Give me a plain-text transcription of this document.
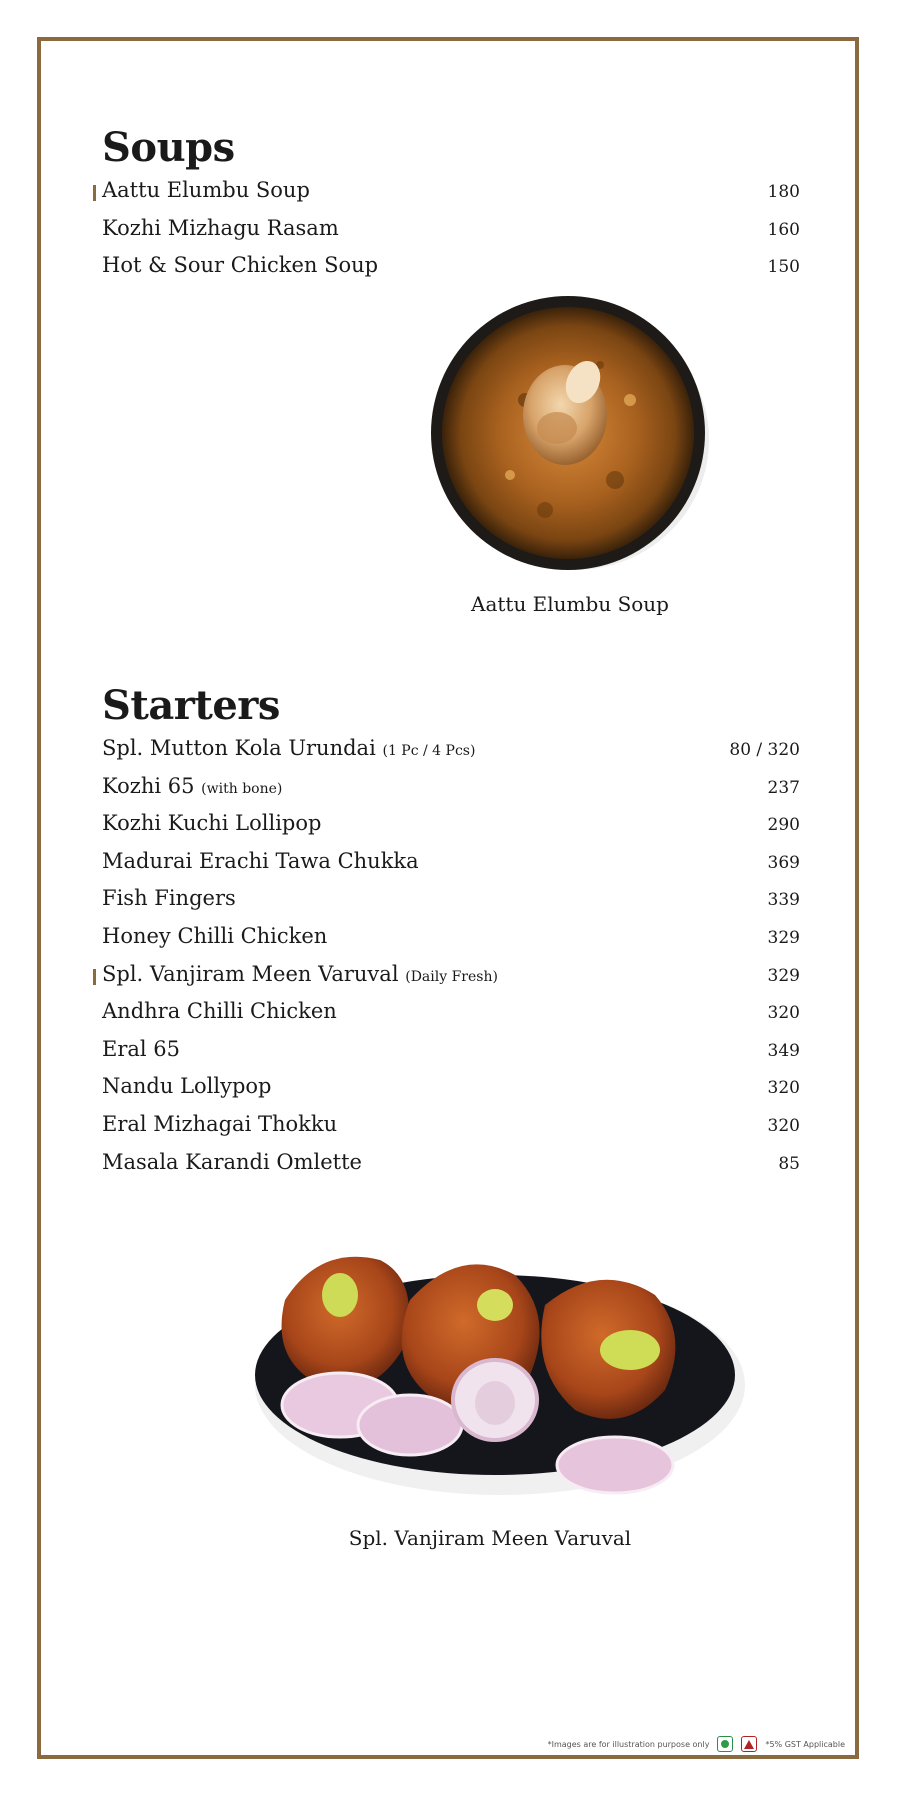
Soups
Aattu Elumbu Soup	180
Kozhi Mizhagu Rasam	160
Hot & Sour Chicken Soup	150
Aattu Elumbu Soup
Starters
Spl. Mutton Kola Urundai (1 Pc / 4 Pcs)	80 / 320
Kozhi 65 (with bone)	237
Kozhi Kuchi Lollipop	290
Madurai Erachi Tawa Chukka	369
Fish Fingers	339
Honey Chilli Chicken	329
Spl. Vanjiram Meen Varuval (Daily Fresh)	329
Andhra Chilli Chicken	320
Eral 65	349
Nandu Lollypop	320
Eral Mizhagai Thokku	320
Masala Karandi Omlette	85
Spl. Vanjiram Meen Varuval
*Images are for illustration purpose only	*5% GST Applicable
